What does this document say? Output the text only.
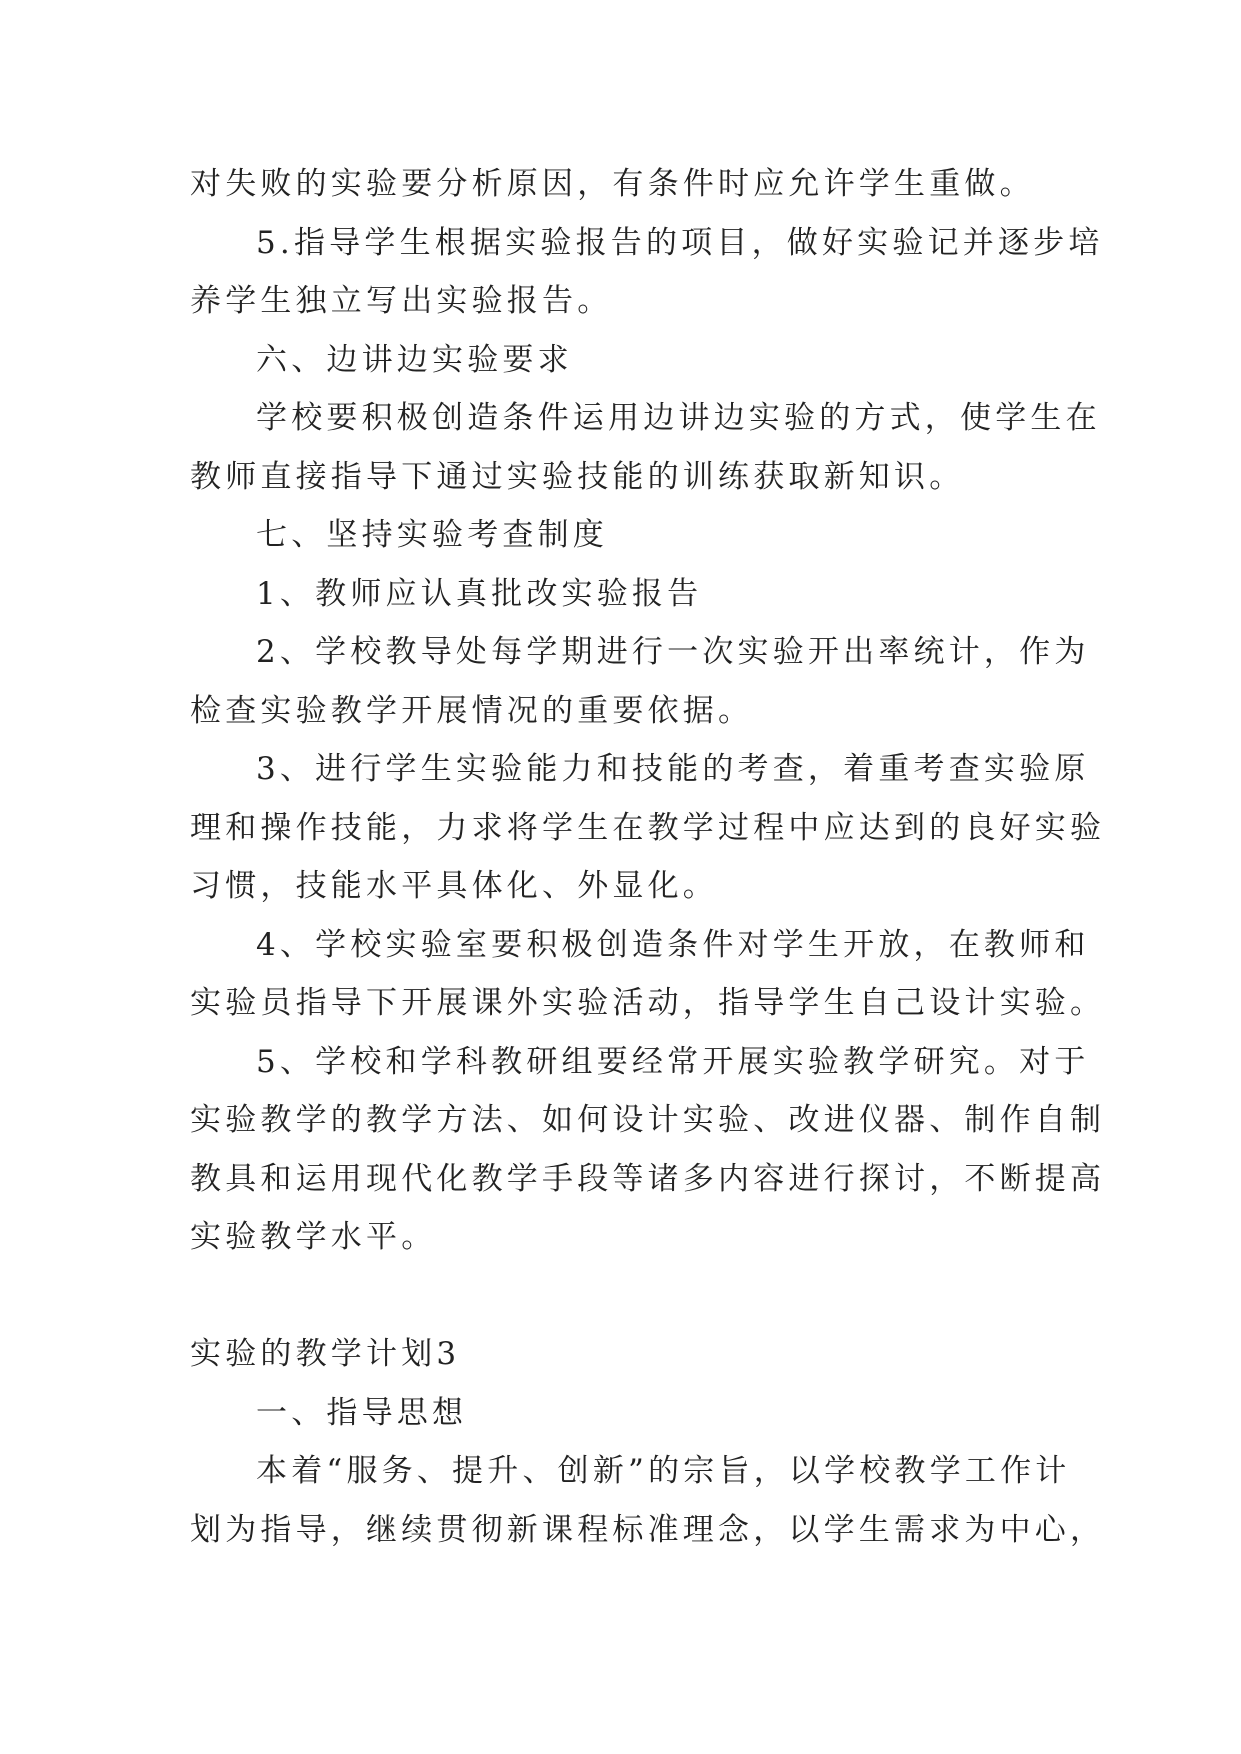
对失败的实验要分析原因，有条件时应允许学生重做。
5.指导学生根据实验报告的项目，做好实验记并逐步培
养学生独立写出实验报告。
六、边讲边实验要求
学校要积极创造条件运用边讲边实验的方式，使学生在
教师直接指导下通过实验技能的训练获取新知识。
七、坚持实验考查制度
1、教师应认真批改实验报告
2、学校教导处每学期进行一次实验开出率统计，作为
检查实验教学开展情况的重要依据。
3、进行学生实验能力和技能的考查，着重考查实验原
理和操作技能，力求将学生在教学过程中应达到的良好实验
习惯，技能水平具体化、外显化。
4、学校实验室要积极创造条件对学生开放，在教师和
实验员指导下开展课外实验活动，指导学生自己设计实验。
5、学校和学科教研组要经常开展实验教学研究。对于
实验教学的教学方法、如何设计实验、改进仪器、制作自制
教具和运用现代化教学手段等诸多内容进行探讨，不断提高
实验教学水平。
实验的教学计划3
一、指导思想
本着“服务、提升、创新”的宗旨，以学校教学工作计
划为指导，继续贯彻新课程标准理念，以学生需求为中心，
